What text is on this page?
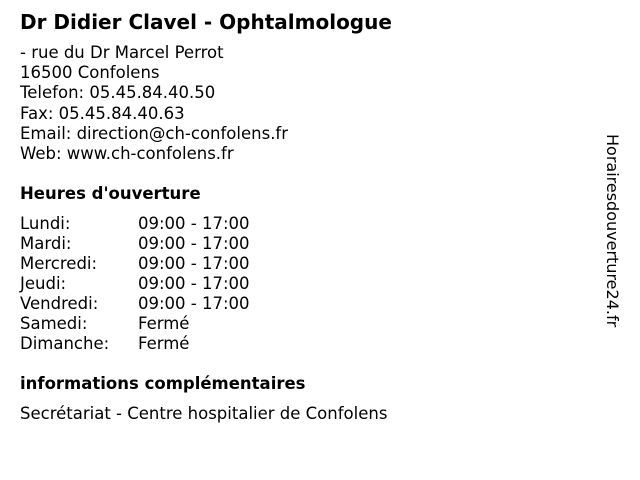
Dr Didier Clavel - Ophtalmologue
- rue du Dr Marcel Perrot
16500 Confolens
Telefon: 05.45.84.40.50
Fax: 05.45.84.40.63
Email: direction@ch-confolens.fr
Web: www.ch-confolens.fr
Heures d'ouverture
Lundi:	09:00 - 17:00
Mardi:	09:00 - 17:00
Mercredi: 09:00 - 17:00
Jeudi:	09:00 - 17:00
Vendredi: 09:00 - 17:00
Samedi:	Fermé
Dimanche: Fermé
informations complémentaires
Secrétariat - Centre hospitalier de Confolens
Horairesdouverture24.fr
